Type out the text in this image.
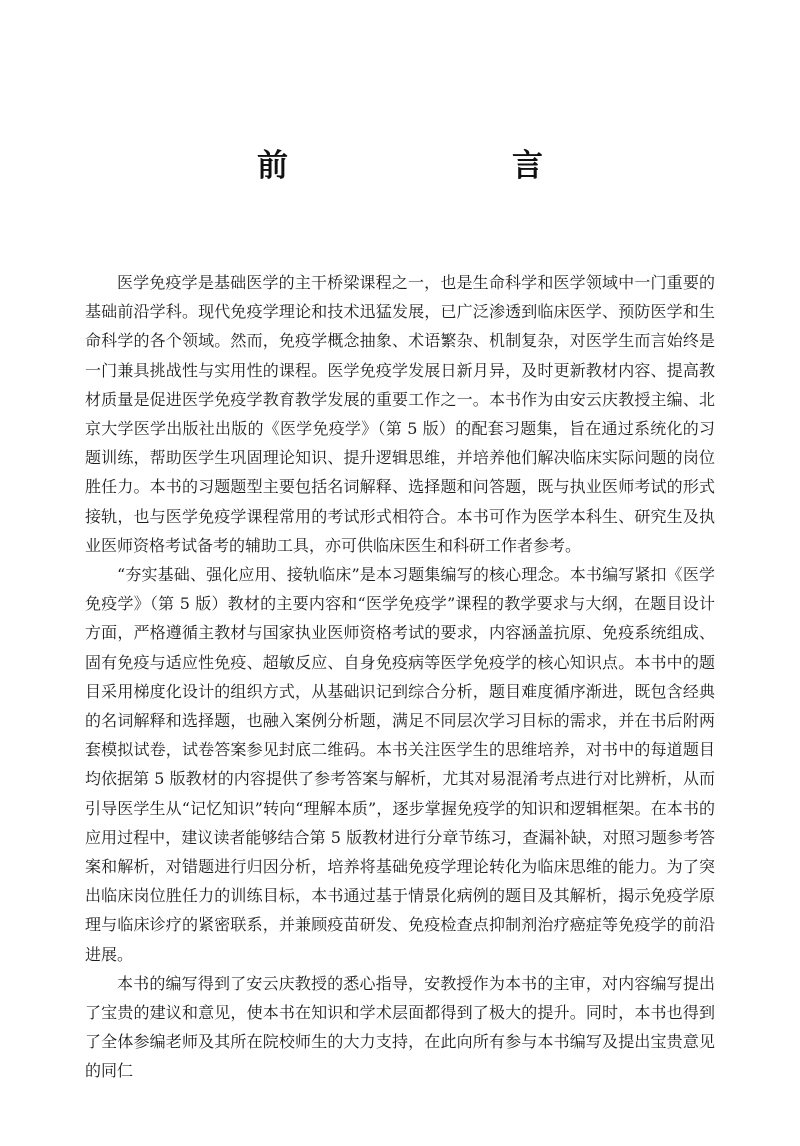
前　　言

医学免疫学是基础医学的主干桥梁课程之一，也是生命科学和医学领域中一门重要的基础前沿学科。现代免疫学理论和技术迅猛发展，已广泛渗透到临床医学、预防医学和生命科学的各个领域。然而，免疫学概念抽象、术语繁杂、机制复杂，对医学生而言始终是一门兼具挑战性与实用性的课程。医学免疫学发展日新月异，及时更新教材内容、提高教材质量是促进医学免疫学教育教学发展的重要工作之一。本书作为由安云庆教授主编、北京大学医学出版社出版的《医学免疫学》（第 5 版）的配套习题集，旨在通过系统化的习题训练，帮助医学生巩固理论知识、提升逻辑思维，并培养他们解决临床实际问题的岗位胜任力。本书的习题题型主要包括名词解释、选择题和问答题，既与执业医师考试的形式接轨，也与医学免疫学课程常用的考试形式相符合。本书可作为医学本科生、研究生及执业医师资格考试备考的辅助工具，亦可供临床医生和科研工作者参考。

“夯实基础、强化应用、接轨临床”是本习题集编写的核心理念。本书编写紧扣《医学免疫学》（第 5 版）教材的主要内容和“医学免疫学”课程的教学要求与大纲，在题目设计方面，严格遵循主教材与国家执业医师资格考试的要求，内容涵盖抗原、免疫系统组成、固有免疫与适应性免疫、超敏反应、自身免疫病等医学免疫学的核心知识点。本书中的题目采用梯度化设计的组织方式，从基础识记到综合分析，题目难度循序渐进，既包含经典的名词解释和选择题，也融入案例分析题，满足不同层次学习目标的需求，并在书后附两套模拟试卷，试卷答案参见封底二维码。本书关注医学生的思维培养，对书中的每道题目均依据第 5 版教材的内容提供了参考答案与解析，尤其对易混淆考点进行对比辨析，从而引导医学生从“记忆知识”转向“理解本质”，逐步掌握免疫学的知识和逻辑框架。在本书的应用过程中，建议读者能够结合第 5 版教材进行分章节练习，查漏补缺，对照习题参考答案和解析，对错题进行归因分析，培养将基础免疫学理论转化为临床思维的能力。为了突出临床岗位胜任力的训练目标，本书通过基于情景化病例的题目及其解析，揭示免疫学原理与临床诊疗的紧密联系，并兼顾疫苗研发、免疫检查点抑制剂治疗癌症等免疫学的前沿进展。

本书的编写得到了安云庆教授的悉心指导，安教授作为本书的主审，对内容编写提出了宝贵的建议和意见，使本书在知识和学术层面都得到了极大的提升。同时，本书也得到了全体参编老师及其所在院校师生的大力支持，在此向所有参与本书编写及提出宝贵意见的同仁
